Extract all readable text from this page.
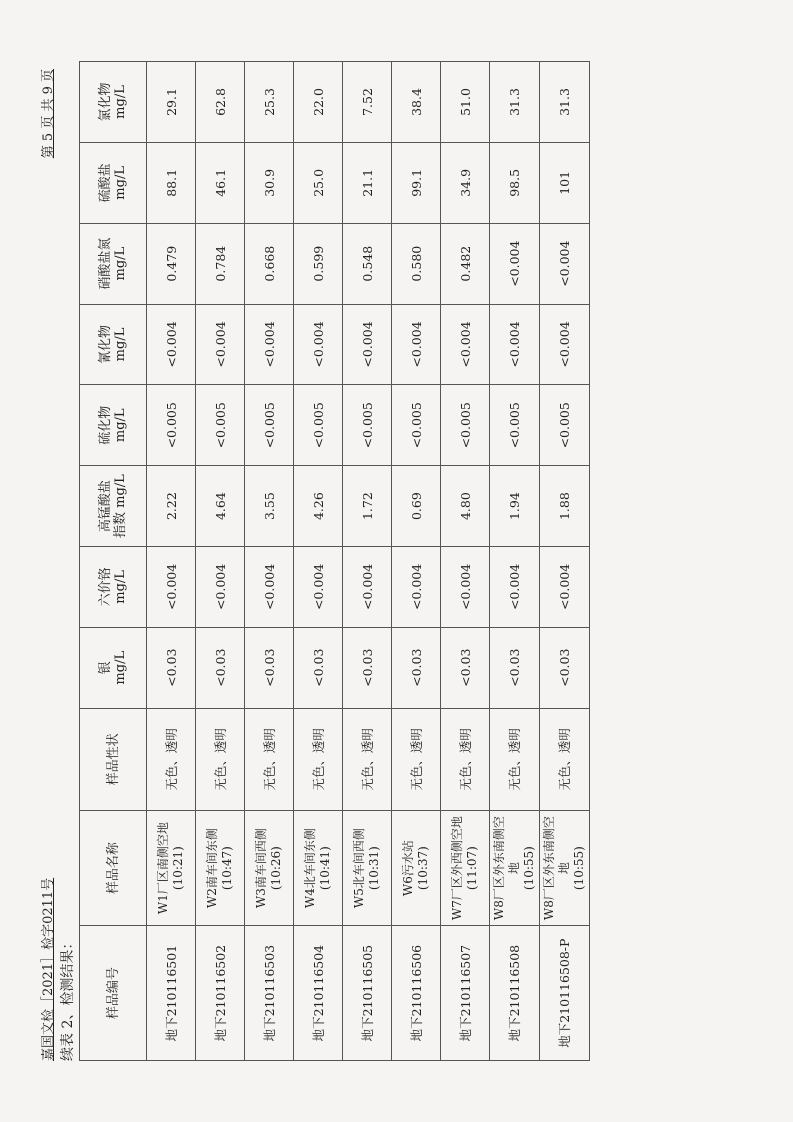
嘉国文检［2021］检字0211号
第 5 页 共 9 页
续表 2、检测结果： 样品编号	样品名称	样品性状	银 mg/L	六价铬 mg/L	高锰酸盐 指数 mg/L	硫化物 mg/L	氰化物 mg/L	硝酸盐氮 mg/L	硫酸盐 mg/L	氯化物 mg/L

地下210116501	W1厂区南侧空地 (10:21)	无色、透明	<0.03	<0.004	2.22	<0.005	<0.004	0.479	88.1	29.1
地下210116502	W2南车间东侧 (10:47)	无色、透明	<0.03	<0.004	4.64	<0.005	<0.004	0.784	46.1	62.8
地下210116503	W3南车间西侧 (10:26)	无色、透明	<0.03	<0.004	3.55	<0.005	<0.004	0.668	30.9	25.3
地下210116504	W4北车间东侧 (10:41)	无色、透明	<0.03	<0.004	4.26	<0.005	<0.004	0.599	25.0	22.0
地下210116505	W5北车间西侧 (10:31)	无色、透明	<0.03	<0.004	1.72	<0.005	<0.004	0.548	21.1	7.52
地下210116506	W6污水站 (10:37)	无色、透明	<0.03	<0.004	0.69	<0.005	<0.004	0.580	99.1	38.4
地下210116507	W7厂区外西侧空地 (11:07)	无色、透明	<0.03	<0.004	4.80	<0.005	<0.004	0.482	34.9	51.0
地下210116508	W8厂区外东南侧空地 (10:55)	无色、透明	<0.03	<0.004	1.94	<0.005	<0.004	<0.004	98.5	31.3
地下210116508-P	W8厂区外东南侧空地 (10:55)	无色、透明	<0.03	<0.004	1.88	<0.005	<0.004	<0.004	101	31.3
